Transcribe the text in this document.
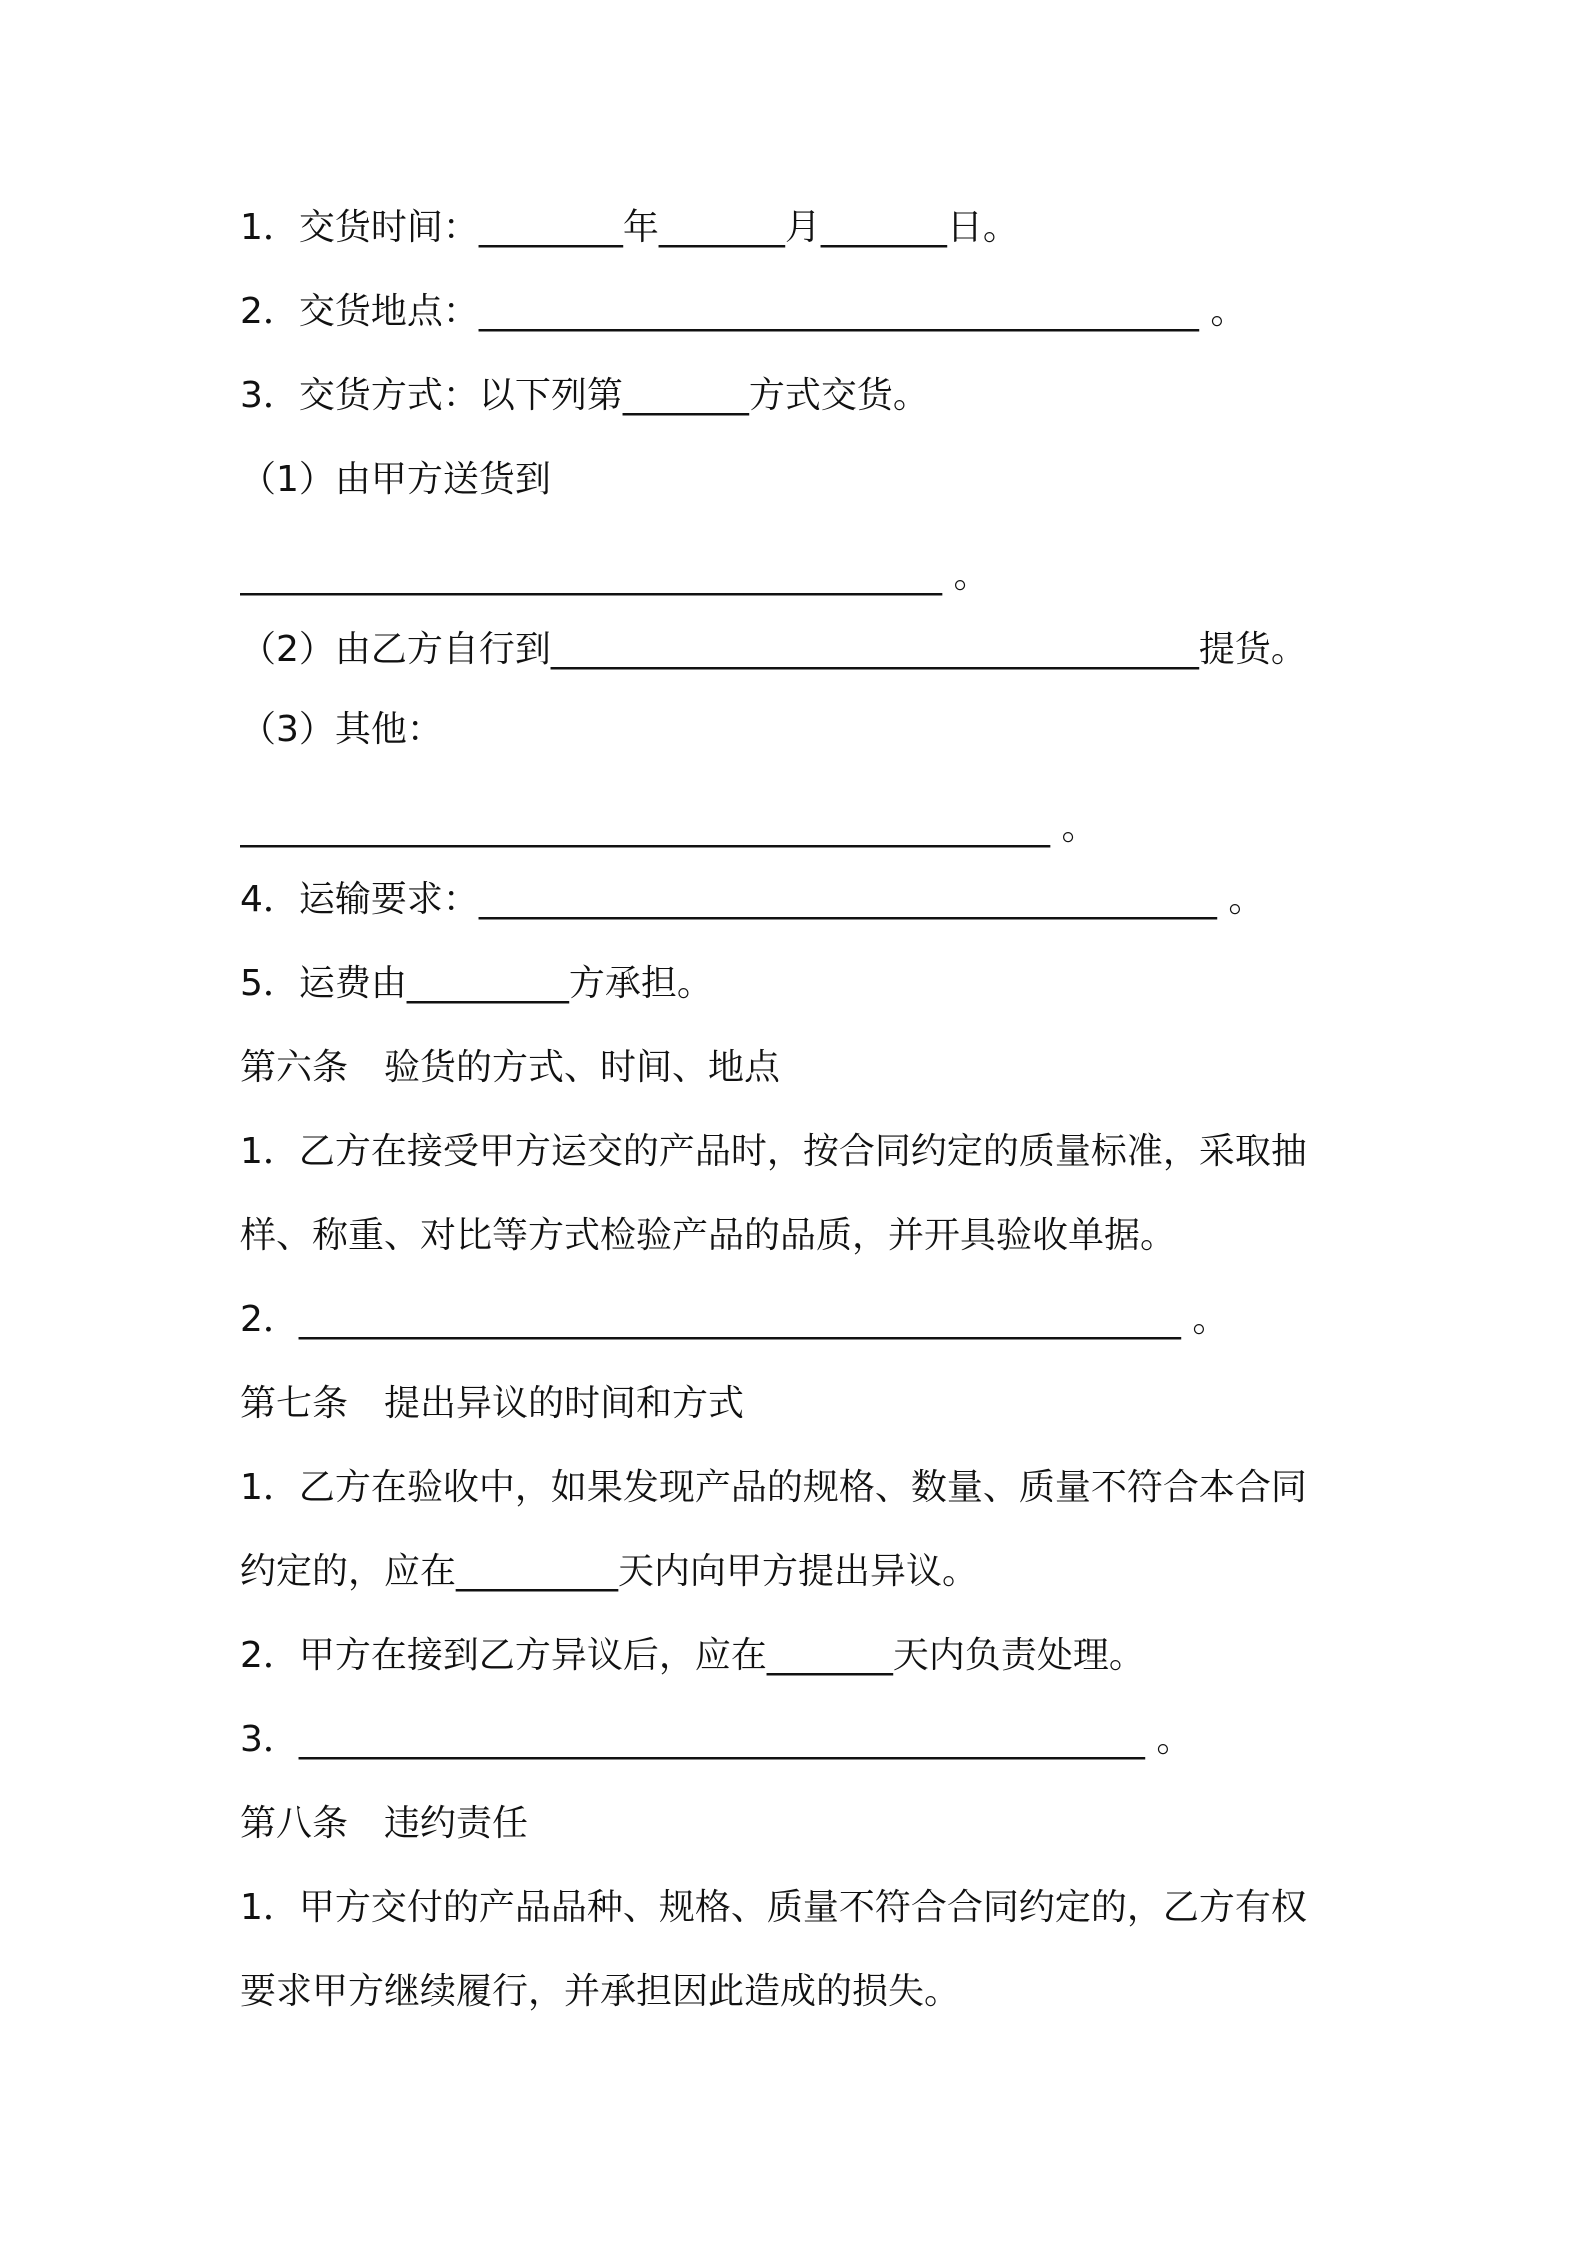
1．交货时间：________年_______月_______日。
2．交货地点：________________________________________ 。
3．交货方式：以下列第_______方式交货。
（1）由甲方送货到
_______________________________________ 。
（2）由乙方自行到____________________________________提货。
（3）其他：
_____________________________________________ 。
4．运输要求：_________________________________________ 。
5．运费由_________方承担。
第六条　验货的方式、时间、地点
1．乙方在接受甲方运交的产品时，按合同约定的质量标准，采取抽
样、称重、对比等方式检验产品的品质，并开具验收单据。
2．_________________________________________________ 。
第七条　提出异议的时间和方式
1．乙方在验收中，如果发现产品的规格、数量、质量不符合本合同
约定的，应在_________天内向甲方提出异议。
2．甲方在接到乙方异议后，应在_______天内负责处理。
3．_______________________________________________ 。
第八条　违约责任
1．甲方交付的产品品种、规格、质量不符合合同约定的，乙方有权
要求甲方继续履行，并承担因此造成的损失。
